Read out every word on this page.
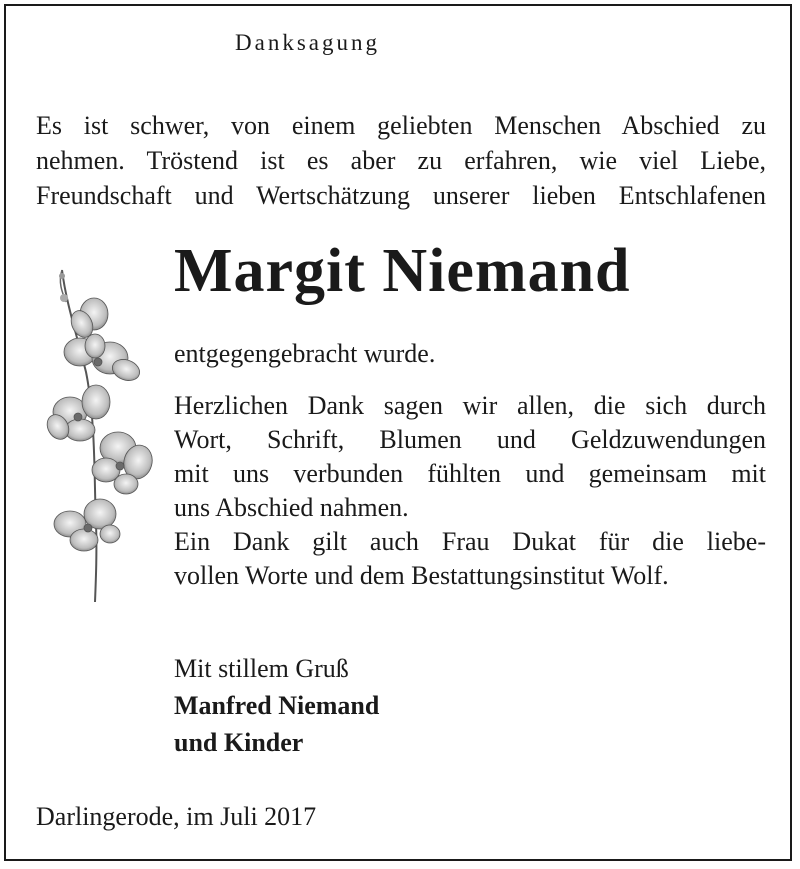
Danksagung
Es ist schwer, von einem geliebten Menschen Abschied zu
nehmen. Tröstend ist es aber zu erfahren, wie viel Liebe,
Freundschaft und Wertschätzung unserer lieben Entschlafenen
Margit Niemand
entgegengebracht wurde.
Herzlichen Dank sagen wir allen, die sich durch
Wort, Schrift, Blumen und Geldzuwendungen
mit uns verbunden fühlten und gemeinsam mit
uns Abschied nahmen.
Ein Dank gilt auch Frau Dukat für die liebe-
vollen Worte und dem Bestattungsinstitut Wolf.
Mit stillem Gruß
Manfred Niemand
und Kinder
Darlingerode, im Juli 2017
